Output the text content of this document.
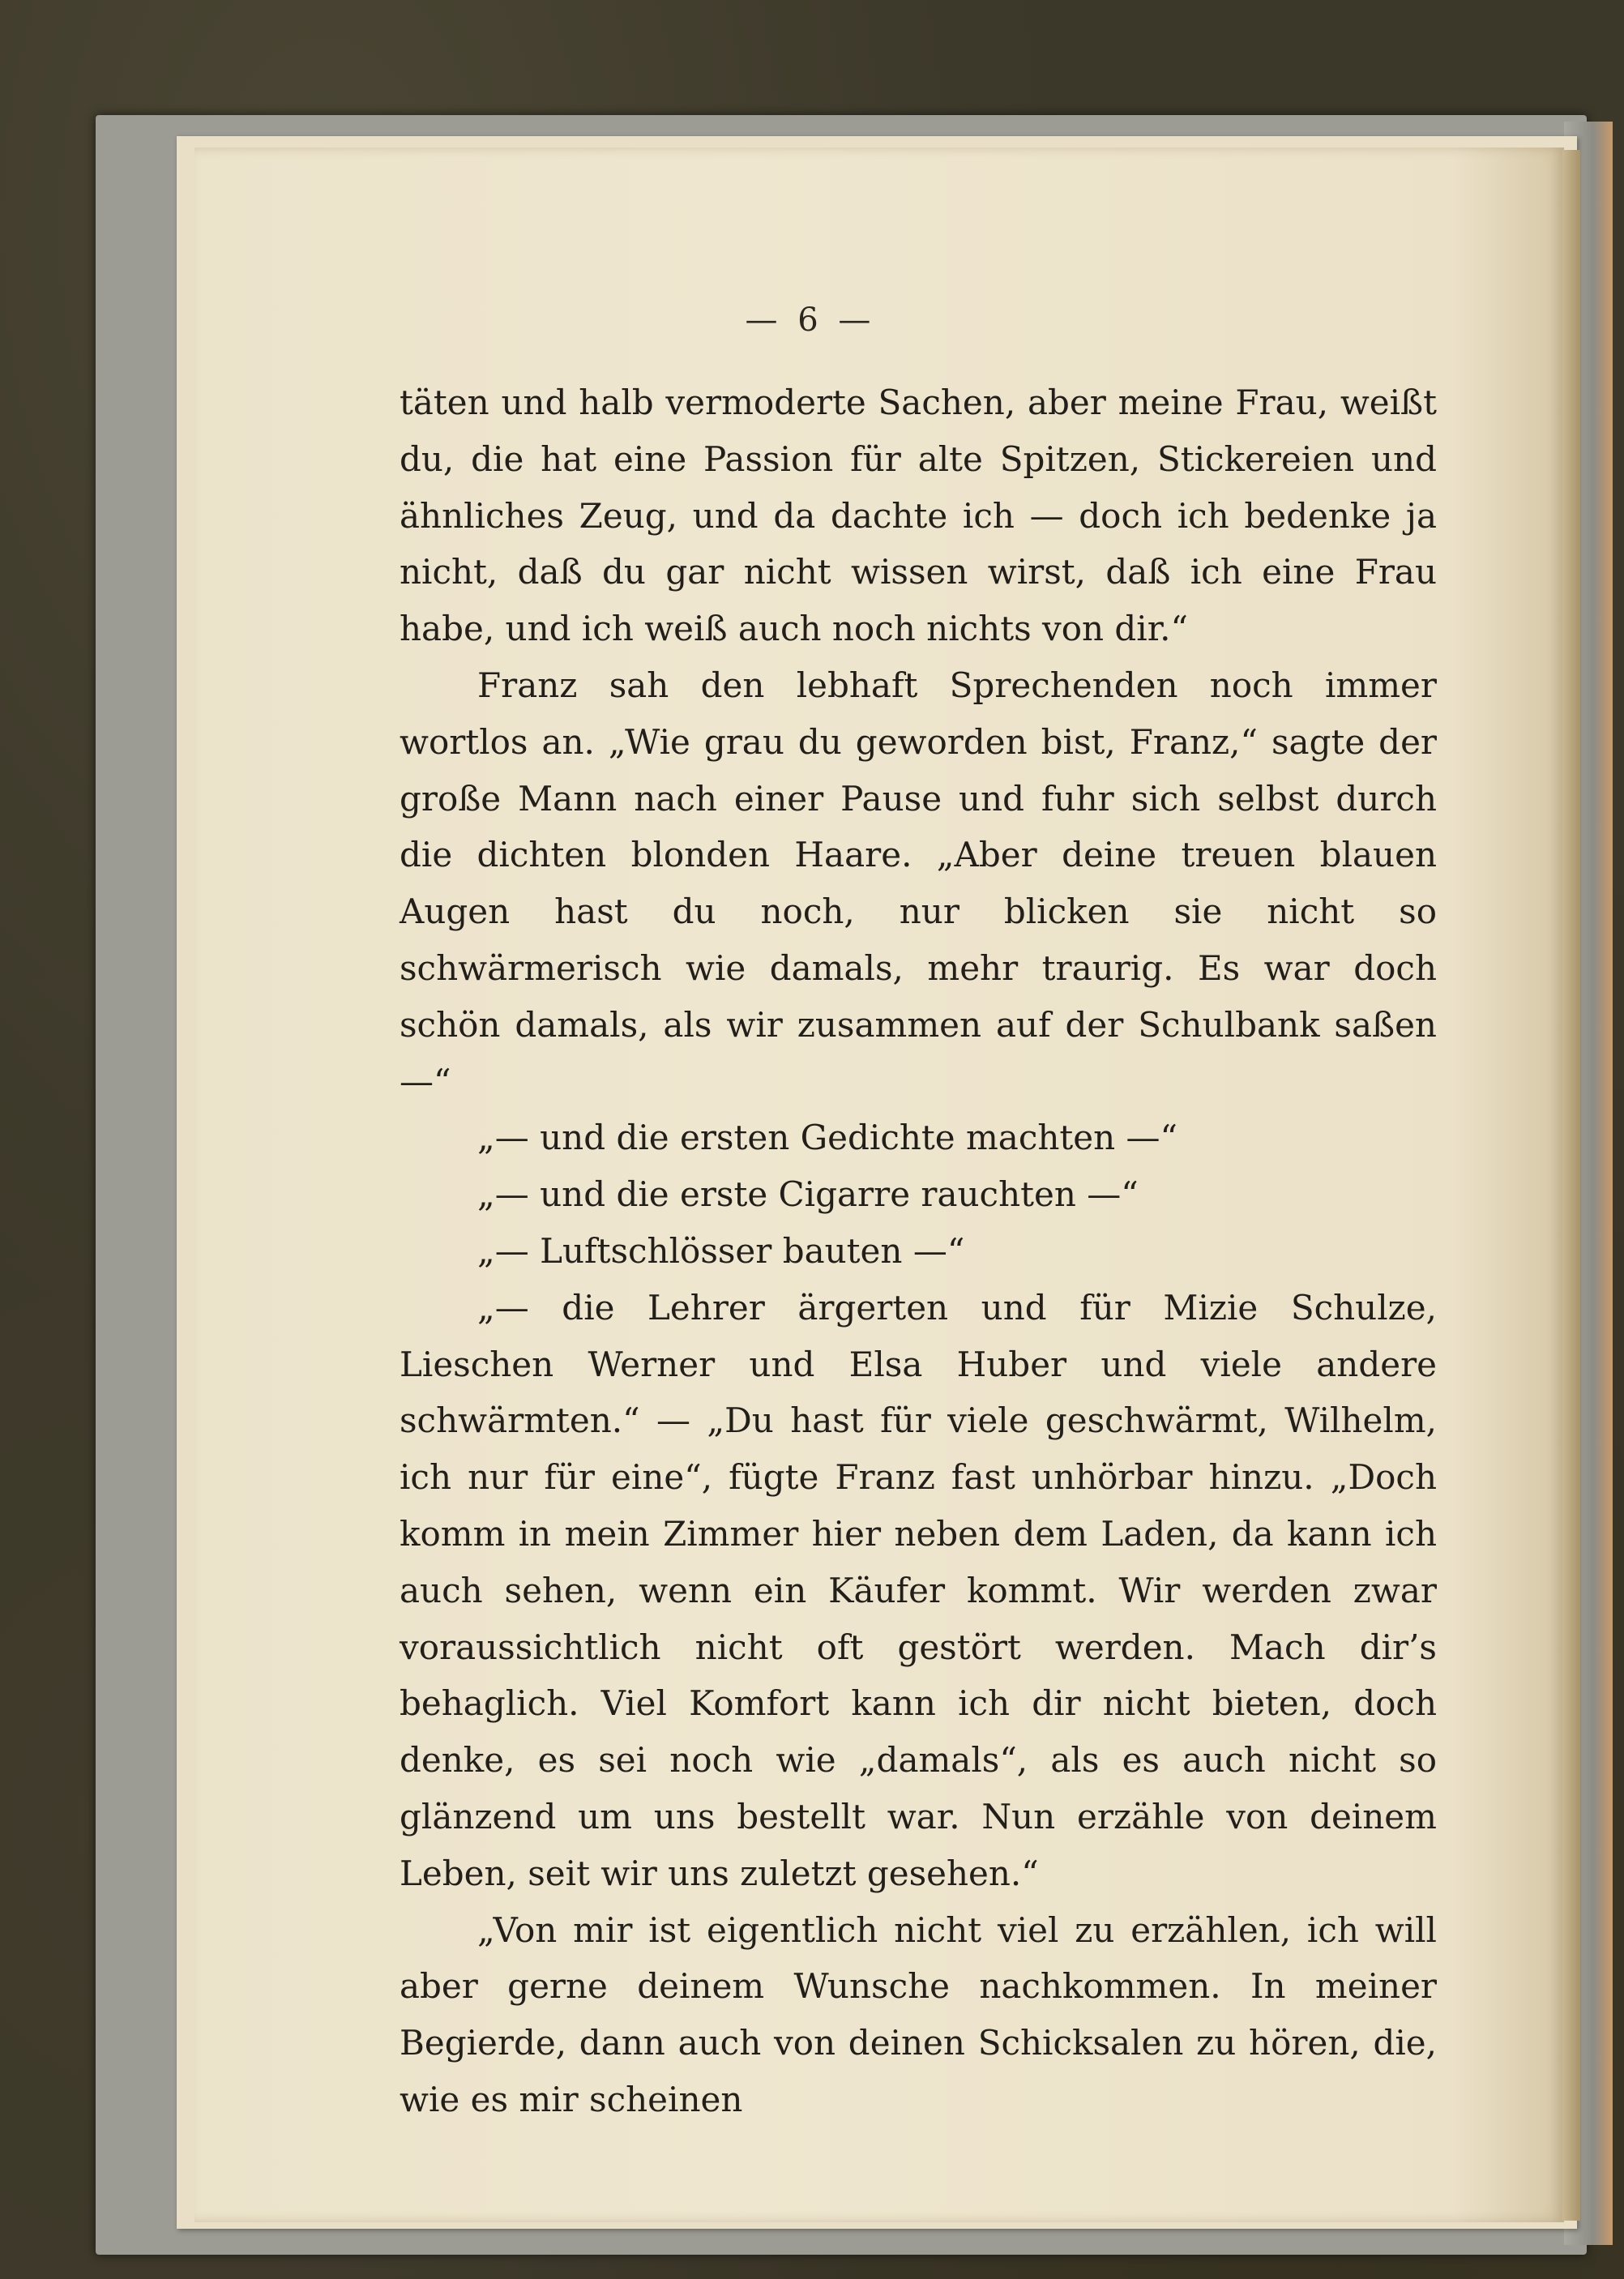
— 6 —

täten und halb vermoderte Sachen, aber meine Frau, weißt du, die hat eine Passion für alte Spitzen, Stickereien und ähnliches Zeug, und da dachte ich — doch ich bedenke ja nicht, daß du gar nicht wissen wirst, daß ich eine Frau habe, und ich weiß auch noch nichts von dir.“

Franz sah den lebhaft Sprechenden noch immer wortlos an. „Wie grau du geworden bist, Franz,“ sagte der große Mann nach einer Pause und fuhr sich selbst durch die dichten blonden Haare. „Aber deine treuen blauen Augen hast du noch, nur blicken sie nicht so schwärmerisch wie damals, mehr traurig. Es war doch schön damals, als wir zusammen auf der Schulbank saßen —“

„— und die ersten Gedichte machten —“

„— und die erste Cigarre rauchten —“

„— Luftschlösser bauten —“

„— die Lehrer ärgerten und für Mizie Schulze, Lieschen Werner und Elsa Huber und viele andere schwärmten.“ — „Du hast für viele geschwärmt, Wilhelm, ich nur für eine“, fügte Franz fast unhörbar hinzu. „Doch komm in mein Zimmer hier neben dem Laden, da kann ich auch sehen, wenn ein Käufer kommt. Wir werden zwar voraussichtlich nicht oft gestört werden. Mach dir’s behaglich. Viel Komfort kann ich dir nicht bieten, doch denke, es sei noch wie „damals“, als es auch nicht so glänzend um uns bestellt war. Nun erzähle von deinem Leben, seit wir uns zuletzt gesehen.“

„Von mir ist eigentlich nicht viel zu erzählen, ich will aber gerne deinem Wunsche nachkommen. In meiner Begierde, dann auch von deinen Schicksalen zu hören, die, wie es mir scheinen
